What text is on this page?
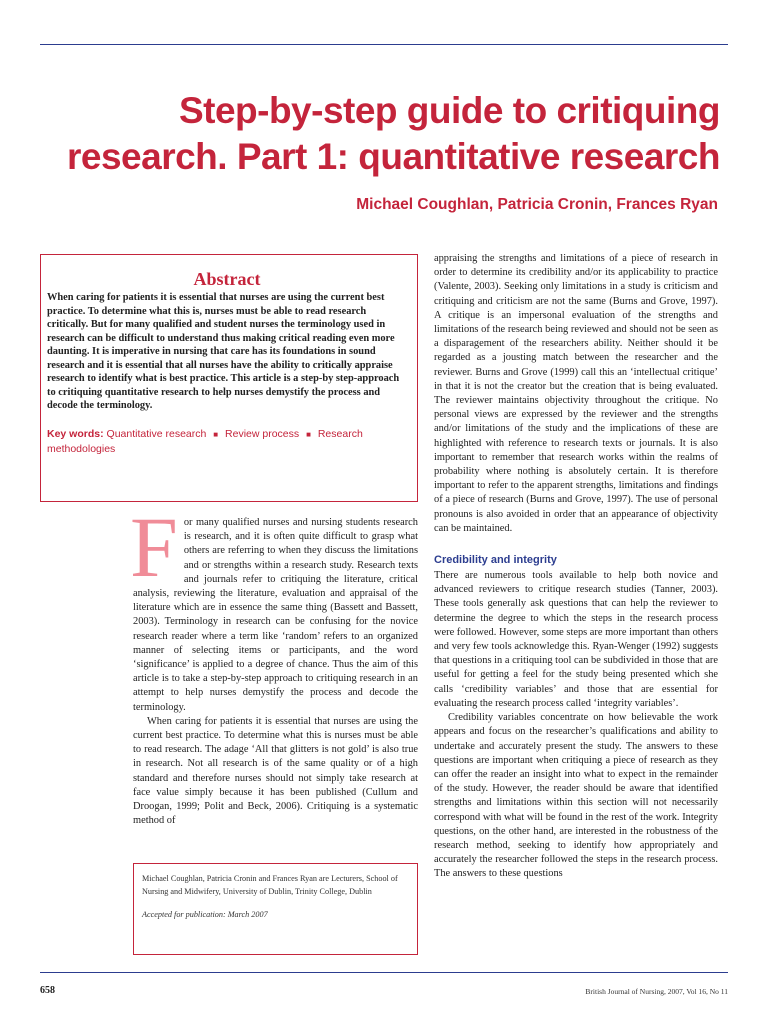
Step-by-step guide to critiquing
research. Part 1: quantitative research

Michael Coughlan, Patricia Cronin, Frances Ryan

Abstract

When caring for patients it is essential that nurses are using the current best practice. To determine what this is, nurses must be able to read research critically. But for many qualified and student nurses the terminology used in research can be difficult to understand thus making critical reading even more daunting. It is imperative in nursing that care has its foundations in sound research and it is essential that all nurses have the ability to critically appraise research to identify what is best practice. This article is a step-by step-approach to critiquing quantitative research to help nurses demystify the process and decode the terminology.

Key words: Quantitative research ■ Review process ■ Research methodologies

For many qualified nurses and nursing students research is research, and it is often quite difficult to grasp what others are referring to when they discuss the limitations and or strengths within a research study. Research texts and journals refer to critiquing the literature, critical analysis, reviewing the literature, evaluation and appraisal of the literature which are in essence the same thing (Bassett and Bassett, 2003). Terminology in research can be confusing for the novice research reader where a term like ‘random’ refers to an organized manner of selecting items or participants, and the word ‘significance’ is applied to a degree of chance. Thus the aim of this article is to take a step-by-step approach to critiquing research in an attempt to help nurses demystify the process and decode the terminology.

When caring for patients it is essential that nurses are using the current best practice. To determine what this is nurses must be able to read research. The adage ‘All that glitters is not gold’ is also true in research. Not all research is of the same quality or of a high standard and therefore nurses should not simply take research at face value simply because it has been published (Cullum and Droogan, 1999; Polit and Beck, 2006). Critiquing is a systematic method of

Michael Coughlan, Patricia Cronin and Frances Ryan are Lecturers, School of Nursing and Midwifery, University of Dublin, Trinity College, Dublin

Accepted for publication: March 2007

appraising the strengths and limitations of a piece of research in order to determine its credibility and/or its applicability to practice (Valente, 2003). Seeking only limitations in a study is criticism and critiquing and criticism are not the same (Burns and Grove, 1997). A critique is an impersonal evaluation of the strengths and limitations of the research being reviewed and should not be seen as a disparagement of the researchers ability. Neither should it be regarded as a jousting match between the researcher and the reviewer. Burns and Grove (1999) call this an ‘intellectual critique’ in that it is not the creator but the creation that is being evaluated. The reviewer maintains objectivity throughout the critique. No personal views are expressed by the reviewer and the strengths and/or limitations of the study and the implications of these are highlighted with reference to research texts or journals. It is also important to remember that research works within the realms of probability where nothing is absolutely certain. It is therefore important to refer to the apparent strengths, limitations and findings of a piece of research (Burns and Grove, 1997). The use of personal pronouns is also avoided in order that an appearance of objectivity can be maintained.

Credibility and integrity

There are numerous tools available to help both novice and advanced reviewers to critique research studies (Tanner, 2003). These tools generally ask questions that can help the reviewer to determine the degree to which the steps in the research process were followed. However, some steps are more important than others and very few tools acknowledge this. Ryan-Wenger (1992) suggests that questions in a critiquing tool can be subdivided in those that are useful for getting a feel for the study being presented which she calls ‘credibility variables’ and those that are essential for evaluating the research process called ‘integrity variables’.

Credibility variables concentrate on how believable the work appears and focus on the researcher’s qualifications and ability to undertake and accurately present the study. The answers to these questions are important when critiquing a piece of research as they can offer the reader an insight into what to expect in the remainder of the study. However, the reader should be aware that identified strengths and limitations within this section will not necessarily correspond with what will be found in the rest of the work. Integrity questions, on the other hand, are interested in the robustness of the research method, seeking to identify how appropriately and accurately the researcher followed the steps in the research process. The answers to these questions

658	British Journal of Nursing, 2007, Vol 16, No 11
